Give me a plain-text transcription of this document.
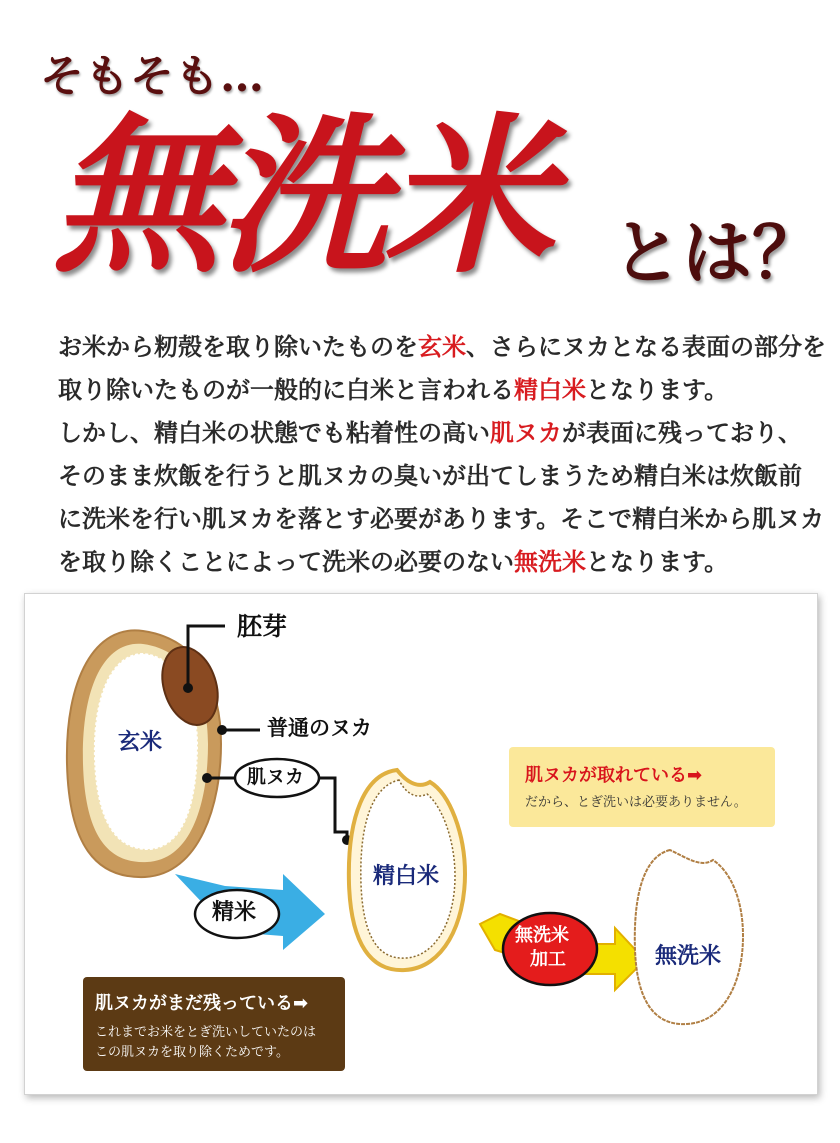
そもそも…
無洗米 とは？
お米から籾殻を取り除いたものを玄米、さらにヌカとなる表面の部分を
取り除いたものが一般的に白米と言われる精白米となります。
しかし、精白米の状態でも粘着性の高い肌ヌカが表面に残っており、
そのまま炊飯を行うと肌ヌカの臭いが出てしまうため精白米は炊飯前
に洗米を行い肌ヌカを落とす必要があります。そこで精白米から肌ヌカ
を取り除くことによって洗米の必要のない無洗米となります。
胚芽
普通のヌカ
肌ヌカ
玄米
精米
精白米
無洗米
加工	無洗米
肌ヌカが取れている➡
だから、とぎ洗いは必要ありません。
肌ヌカがまだ残っている➡
これまでお米をとぎ洗いしていたのは
この肌ヌカを取り除くためです。
